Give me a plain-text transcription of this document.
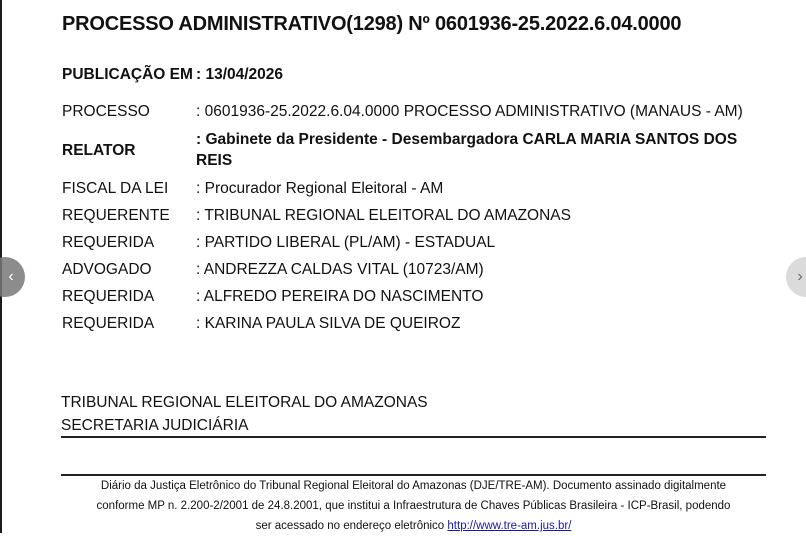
PROCESSO ADMINISTRATIVO(1298) Nº 0601936-25.2022.6.04.0000
PUBLICAÇÃO EM	: 13/04/2026
PROCESSO	: 0601936-25.2022.6.04.0000 PROCESSO ADMINISTRATIVO (MANAUS - AM)
RELATOR	: Gabinete da Presidente - Desembargadora CARLA MARIA SANTOS DOS REIS
FISCAL DA LEI	: Procurador Regional Eleitoral - AM
REQUERENTE	: TRIBUNAL REGIONAL ELEITORAL DO AMAZONAS
REQUERIDA	: PARTIDO LIBERAL (PL/AM) - ESTADUAL
ADVOGADO	: ANDREZZA CALDAS VITAL (10723/AM)
REQUERIDA	: ALFREDO PEREIRA DO NASCIMENTO
REQUERIDA	: KARINA PAULA SILVA DE QUEIROZ
TRIBUNAL REGIONAL ELEITORAL DO AMAZONAS
SECRETARIA JUDICIÁRIA
Diário da Justiça Eletrônico do Tribunal Regional Eleitoral do Amazonas (DJE/TRE-AM). Documento assinado digitalmente
conforme MP n. 2.200-2/2001 de 24.8.2001, que institui a Infraestrutura de Chaves Públicas Brasileira - ICP-Brasil, podendo
ser acessado no endereço eletrônico http://www.tre-am.jus.br/
‹	›
